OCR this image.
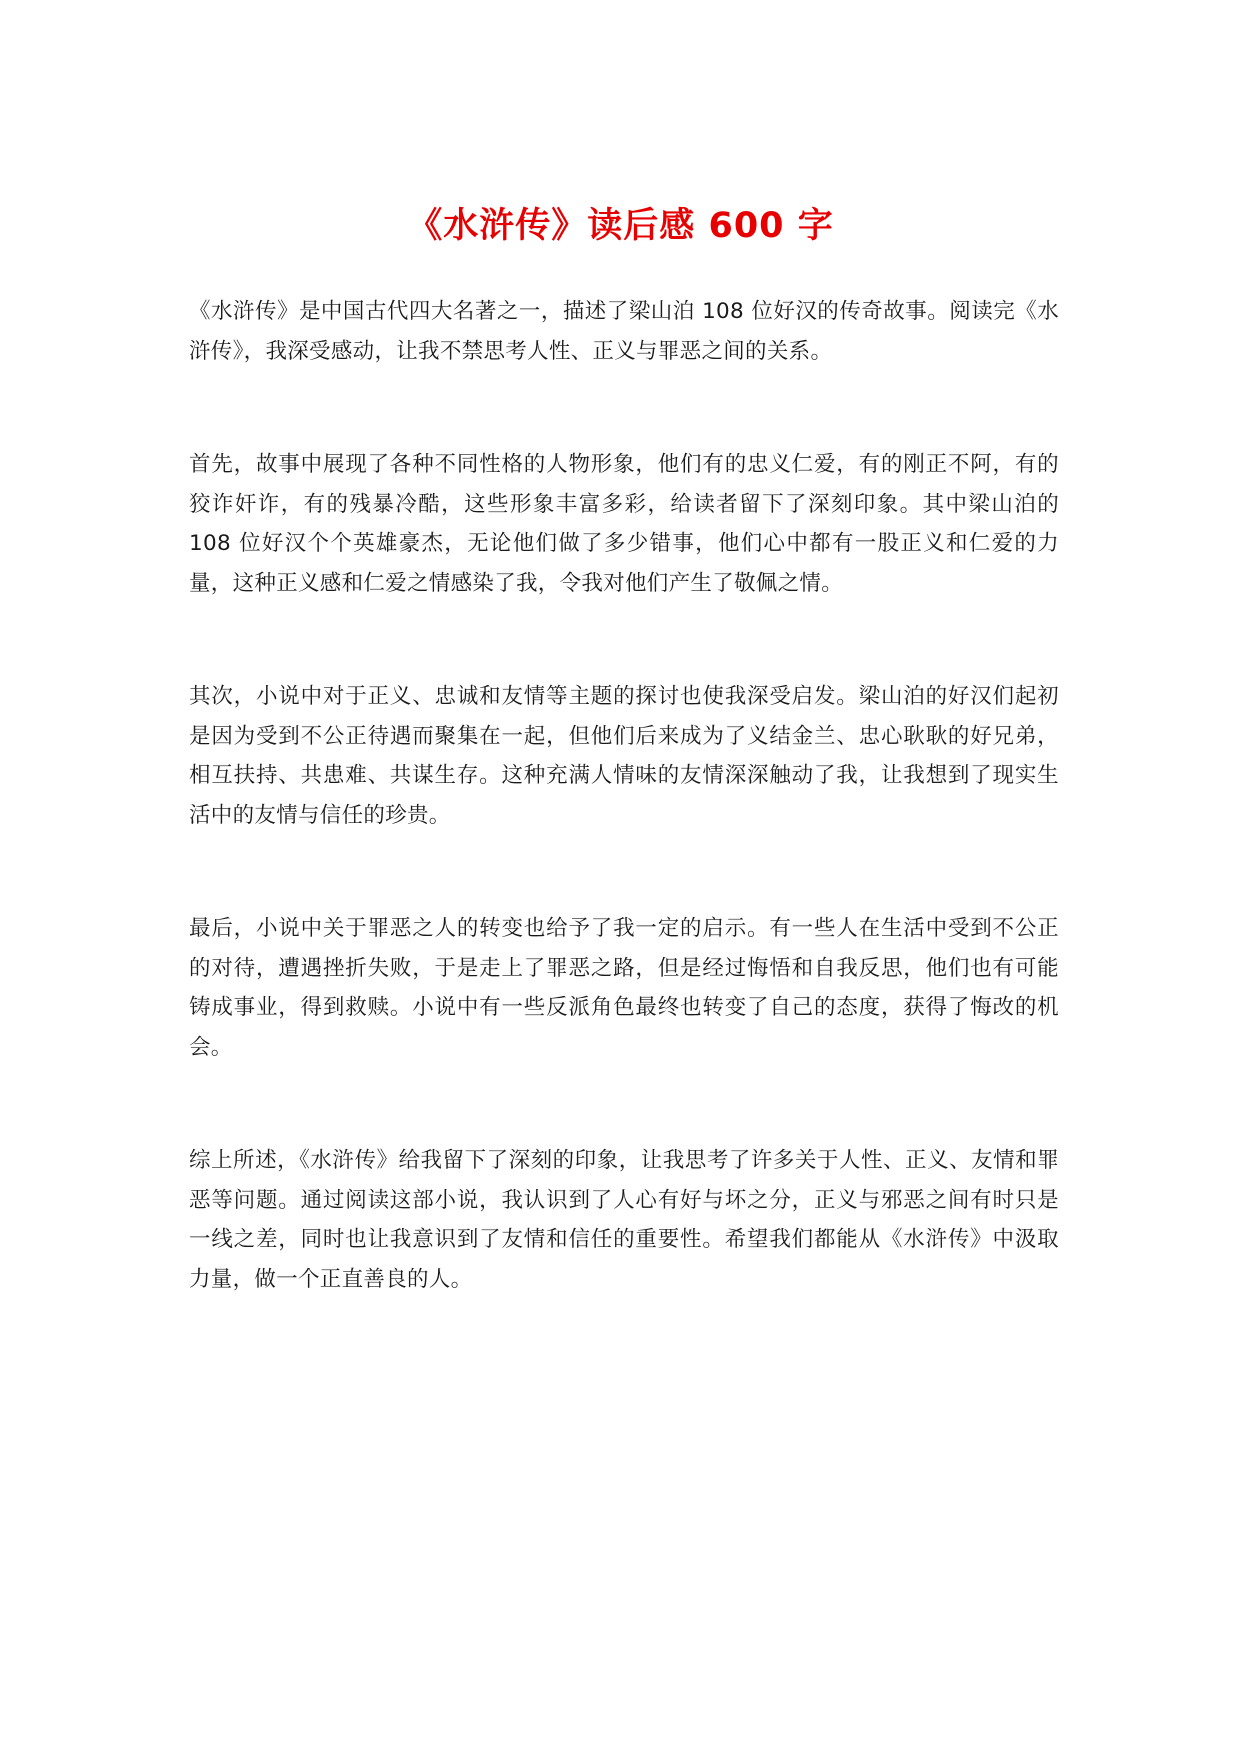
《水浒传》读后感 600 字

《水浒传》是中国古代四大名著之一，描述了梁山泊 108 位好汉的传奇故事。阅读完《水浒传》，我深受感动，让我不禁思考人性、正义与罪恶之间的关系。

首先，故事中展现了各种不同性格的人物形象，他们有的忠义仁爱，有的刚正不阿，有的狡诈奸诈，有的残暴冷酷，这些形象丰富多彩，给读者留下了深刻印象。其中梁山泊的 108 位好汉个个英雄豪杰，无论他们做了多少错事，他们心中都有一股正义和仁爱的力量，这种正义感和仁爱之情感染了我，令我对他们产生了敬佩之情。

其次，小说中对于正义、忠诚和友情等主题的探讨也使我深受启发。梁山泊的好汉们起初是因为受到不公正待遇而聚集在一起，但他们后来成为了义结金兰、忠心耿耿的好兄弟，相互扶持、共患难、共谋生存。这种充满人情味的友情深深触动了我，让我想到了现实生活中的友情与信任的珍贵。

最后，小说中关于罪恶之人的转变也给予了我一定的启示。有一些人在生活中受到不公正的对待，遭遇挫折失败，于是走上了罪恶之路，但是经过悔悟和自我反思，他们也有可能铸成事业，得到救赎。小说中有一些反派角色最终也转变了自己的态度，获得了悔改的机会。

综上所述，《水浒传》给我留下了深刻的印象，让我思考了许多关于人性、正义、友情和罪恶等问题。通过阅读这部小说，我认识到了人心有好与坏之分，正义与邪恶之间有时只是一线之差，同时也让我意识到了友情和信任的重要性。希望我们都能从《水浒传》中汲取力量，做一个正直善良的人。
